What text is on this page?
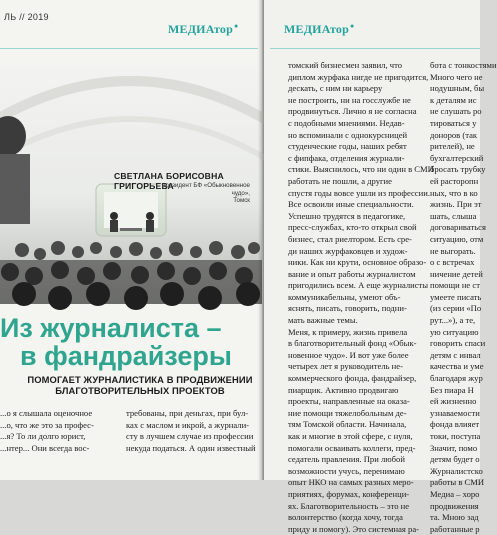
ЛЬ // 2019
МЕДИАтор●
СВЕТЛАНА БОРИСОВНА ГРИГОРЬЕВА
президент БФ «Обыкновенное чудо»,
Томск
Из журналиста –
в фандрайзеры
ПОМОГАЕТ ЖУРНАЛИСТИКА В ПРОДВИЖЕНИИ
БЛАГОТВОРИТЕЛЬНЫХ ПРОЕКТОВ
...о я слышала оценочное
...о, что же это за профес-
...я? То ли долго юрист,
...нтер... Они всегда вос-
требованы, при деньгах, при бул-
ках с маслом и икрой, а журнали-
сту в лучшем случае из профессии
некуда податься. А один известный
МЕДИАтор●
томский бизнесмен заявил, что
диплом журфака нигде не пригодится,
дескать, с ним ни карьеру
не построить, ни на госслужбе не
продвинуться. Лично я не согласна
с подобными мнениями. Недав-
но вспоминали с однокурсницей
студенческие годы, наших ребят
с фипфака, отделения журнали-
стики. Выяснилось, что ни один в СМИ
работать не пошли, а другие
спустя годы вовсе ушли из профессии.
Все освоили иные специальности.
Успешно трудятся в педагогике,
пресс-службах, кто-то открыл свой
бизнес, стал риелтором. Есть сре-
ди наших журфаковцев и худож-
ники. Как ни крути, основное образо-
вание и опыт работы журналистом
пригодились всем. А еще журналисты
коммуникабельны, умеют объ-
яснять, писать, говорить, подни-
мать важные темы.
Меня, к примеру, жизнь привела
в благотворительный фонд «Обык-
новенное чудо». И вот уже более
четырех лет я руководитель не-
коммерческого фонда, фандрайзер,
пиарщик. Активно продвигаю
проекты, направленные на оказа-
ние помощи тяжелобольным де-
тям Томской области. Начинала,
как и многие в этой сфере, с нуля,
помогали осваивать коллеги, пред-
седатель правления. При любой
возможности учусь, перенимаю
опыт НКО на самых разных меро-
приятиях, форумах, конференци-
ях. Благотворительность – это не
волонтерство (когда хочу, тогда
приду и помогу). Это системная ра-
бота с тонкостями
Много чего не
нодушным, бы
к деталям ис
не слушать ро
тироваться у
доноров (так
рителей), не
бухгалтерский
бросать трубку
ей расторопн
ных, что в ко
жизнь. При эт
шать, слыша
договариваться
ситуацию, отм
не выгорать.
о с встречах
ничение детей
помощи не ст
умеете писать
(из серии «По
рут...»), а те,
ую ситуацию
говорить спаси
детям с инвал
качества и уме
благодаря жур
Без пиара Н
ей жизненно
узнаваемости
фонда влияет
токи, поступа
Значит, помо
детям будет о
Журналистско
работы в СМИ
Медиа – хоро
продвижения
та. Мною зад
работанные р
